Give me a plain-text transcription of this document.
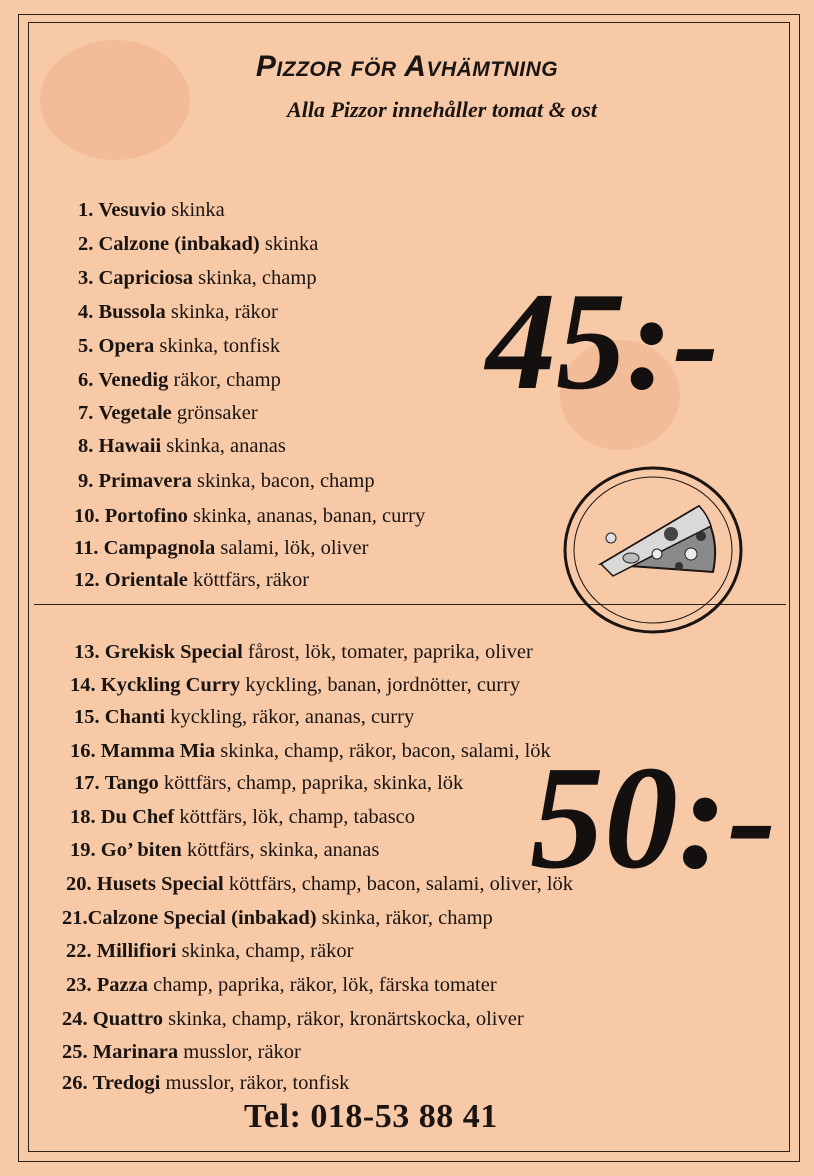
Pizzor för Avhämtning
Alla Pizzor innehåller tomat & ost
1. Vesuvio skinka
2. Calzone (inbakad) skinka
3. Capriciosa skinka, champ
4. Bussola skinka, räkor
5. Opera skinka, tonfisk
6. Venedig räkor, champ
7. Vegetale grönsaker
8. Hawaii skinka, ananas
9. Primavera skinka, bacon, champ
10. Portofino skinka, ananas, banan, curry
11. Campagnola salami, lök, oliver
12. Orientale köttfärs, räkor
13. Grekisk Special fårost, lök, tomater, paprika, oliver
14. Kyckling Curry kyckling, banan, jordnötter, curry
15. Chanti kyckling, räkor, ananas, curry
16. Mamma Mia skinka, champ, räkor, bacon, salami, lök
17. Tango köttfärs, champ, paprika, skinka, lök
18. Du Chef köttfärs, lök, champ, tabasco
19. Go’ biten köttfärs, skinka, ananas
20. Husets Special köttfärs, champ, bacon, salami, oliver, lök
21.Calzone Special (inbakad) skinka, räkor, champ
22. Millifiori skinka, champ, räkor
23. Pazza champ, paprika, räkor, lök, färska tomater
24. Quattro skinka, champ, räkor, kronärtskocka, oliver
25. Marinara musslor, räkor
26. Tredogi musslor, räkor, tonfisk
45:-
50:-
Tel: 018-53 88 41
